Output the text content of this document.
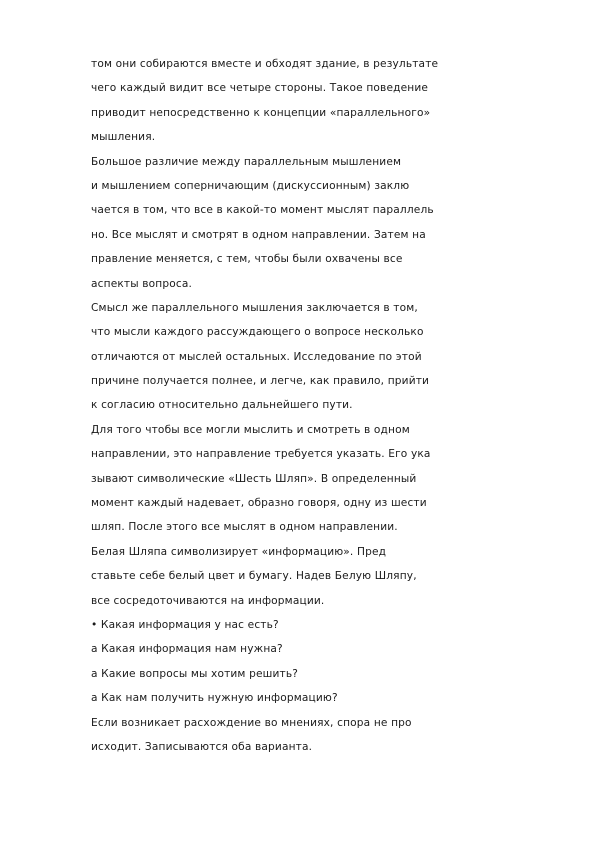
том они собираются вместе и обходят здание, в результате
чего каждый видит все четыре стороны. Такое поведение
приводит непосредственно к концепции «параллельного»
мышления.
Большое различие между параллельным мышлением
и мышлением соперничающим (дискуссионным) заклю
чается в том, что все в какой-то момент мыслят параллель
но. Все мыслят и смотрят в одном направлении. Затем на
правление меняется, с тем, чтобы были охвачены все
аспекты вопроса.
Смысл же параллельного мышления заключается в том,
что мысли каждого рассуждающего о вопросе несколько
отличаются от мыслей остальных. Исследование по этой
причине получается полнее, и легче, как правило, прийти
к согласию относительно дальнейшего пути.
Для того чтобы все могли мыслить и смотреть в одном
направлении, это направление требуется указать. Его ука
зывают символические «Шесть Шляп». В определенный
момент каждый надевает, образно говоря, одну из шести
шляп. После этого все мыслят в одном направлении.
Белая Шляпа символизирует «информацию». Пред
ставьте себе белый цвет и бумагу. Надев Белую Шляпу,
все сосредоточиваются на информации.
• Какая информация у нас есть?
а Какая информация нам нужна?
а Какие вопросы мы хотим решить?
а Как нам получить нужную информацию?
Если возникает расхождение во мнениях, спора не про
исходит. Записываются оба варианта.
